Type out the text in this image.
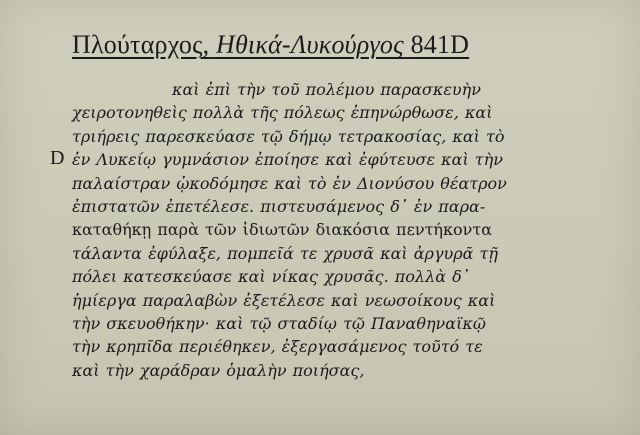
Πλούταρχος, Ηθικά-Λυκούργος 841D
D
καὶ ἐπὶ τὴν τοῦ πολέμου παρασκευὴν
χειροτονηθεὶς πολλὰ τῆς πόλεως ἐπηνώρθωσε, καὶ
τριήρεις παρεσκεύασε τῷ δήμῳ τετρακοσίας, καὶ τὸ
ἐν Λυκείῳ γυμνάσιον ἐποίησε καὶ ἐφύτευσε καὶ τὴν
παλαίστραν ᾠκοδόμησε καὶ τὸ ἐν Διονύσου θέατρον
ἐπιστατῶν ἐπετέλεσε. πιστευσάμενος δ᾽ ἐν παρα-
καταθήκῃ παρὰ τῶν ἰδιωτῶν διακόσια πεντήκοντα
τάλαντα ἐφύλαξε, πομπεῖά τε χρυσᾶ καὶ ἀργυρᾶ τῇ
πόλει κατεσκεύασε καὶ νίκας χρυσᾶς. πολλὰ δ᾽
ἡμίεργα παραλαβὼν ἐξετέλεσε καὶ νεωσοίκους καὶ
τὴν σκευοθήκην· καὶ τῷ σταδίῳ τῷ Παναθηναϊκῷ
τὴν κρηπῖδα περιέθηκεν, ἐξεργασάμενος τοῦτό τε
καὶ τὴν χαράδραν ὁμαλὴν ποιήσας,
